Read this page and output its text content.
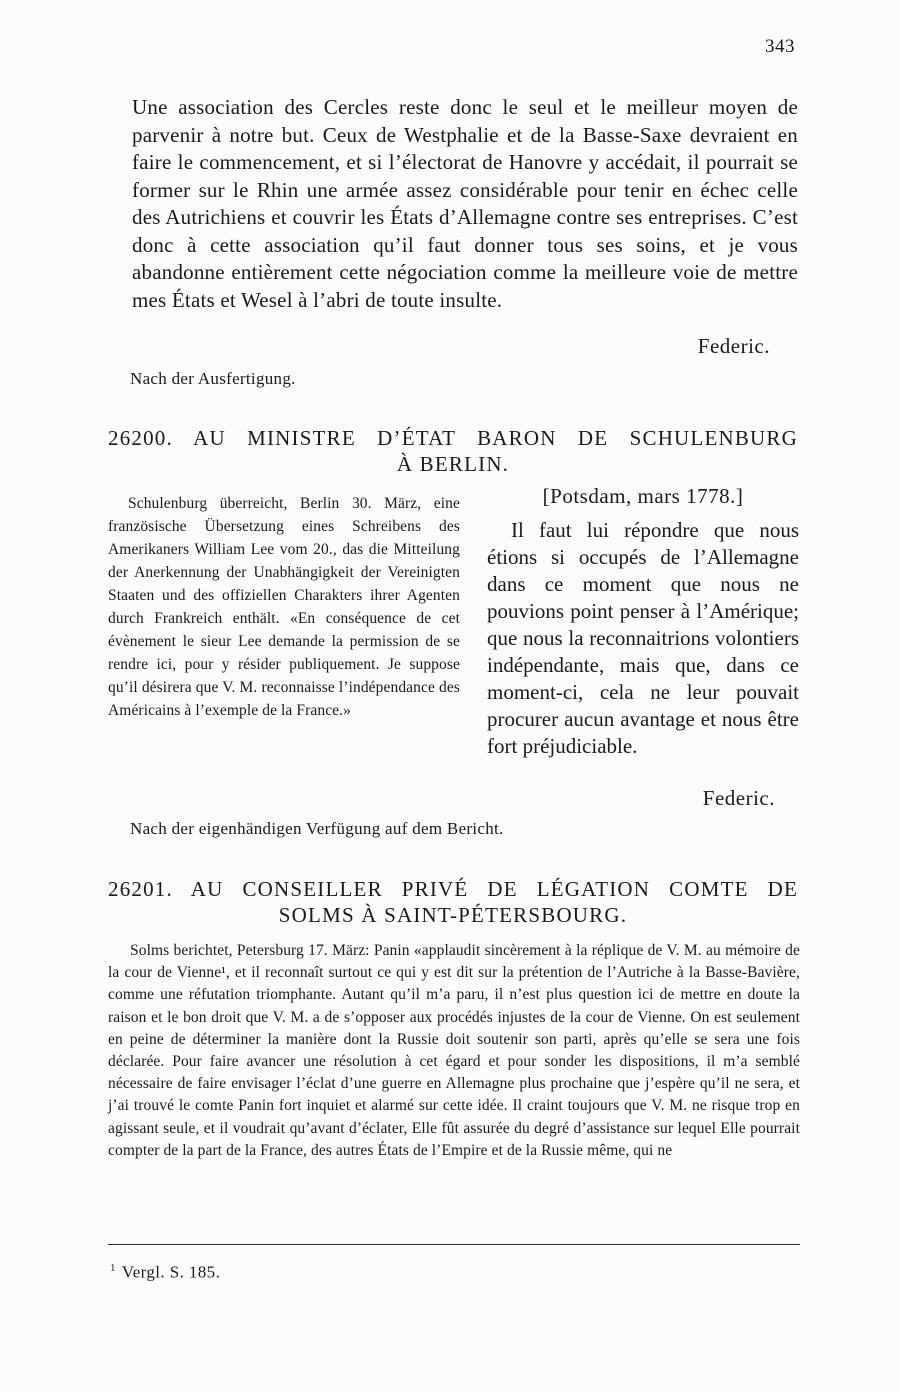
343

Une association des Cercles reste donc le seul et le meilleur moyen de parvenir à notre but. Ceux de Westphalie et de la Basse-Saxe devraient en faire le commencement, et si l’électorat de Hanovre y accédait, il pourrait se former sur le Rhin une armée assez considérable pour tenir en échec celle des Autrichiens et couvrir les États d’Allemagne contre ses entreprises. C’est donc à cette association qu’il faut donner tous ses soins, et je vous abandonne entièrement cette négociation comme la meilleure voie de mettre mes États et Wesel à l’abri de toute insulte.

Federic.
Nach der Ausfertigung.
26200. AU MINISTRE D’ÉTAT BARON DE SCHULENBURG
À BERLIN.

Schulenburg überreicht, Berlin 30. März, eine französische Übersetzung eines Schreibens des Amerikaners William Lee vom 20., das die Mitteilung der Anerkennung der Unabhängigkeit der Vereinigten Staaten und des offiziellen Charakters ihrer Agenten durch Frankreich enthält. «En conséquence de cet évènement le sieur Lee demande la permission de se rendre ici, pour y résider publiquement. Je suppose qu’il désirera que V. M. reconnaisse l’indépendance des Américains à l’exemple de la France.»

[Potsdam, mars 1778.]

Il faut lui répondre que nous étions si occupés de l’Allemagne dans ce moment que nous ne pouvions point penser à l’Amérique; que nous la reconnaitrions volontiers indépendante, mais que, dans ce moment-ci, cela ne leur pouvait procurer aucun avantage et nous être fort préjudiciable.

Federic.
Nach der eigenhändigen Verfügung auf dem Bericht.
26201. AU CONSEILLER PRIVÉ DE LÉGATION COMTE DE
SOLMS À SAINT-PÉTERSBOURG.

Solms berichtet, Petersburg 17. März: Panin «applaudit sincèrement à la réplique de V. M. au mémoire de la cour de Vienne¹, et il reconnaît surtout ce qui y est dit sur la prétention de l’Autriche à la Basse-Bavière, comme une réfutation triomphante. Autant qu’il m’a paru, il n’est plus question ici de mettre en doute la raison et le bon droit que V. M. a de s’opposer aux procédés injustes de la cour de Vienne. On est seulement en peine de déterminer la manière dont la Russie doit soutenir son parti, après qu’elle se sera une fois déclarée. Pour faire avancer une résolution à cet égard et pour sonder les dispositions, il m’a semblé nécessaire de faire envisager l’éclat d’une guerre en Allemagne plus prochaine que j’espère qu’il ne sera, et j’ai trouvé le comte Panin fort inquiet et alarmé sur cette idée. Il craint toujours que V. M. ne risque trop en agissant seule, et il voudrait qu’avant d’éclater, Elle fût assurée du degré d’assistance sur lequel Elle pourrait compter de la part de la France, des autres États de l’Empire et de la Russie même, qui ne

$^1$ Vergl. S. 185.
